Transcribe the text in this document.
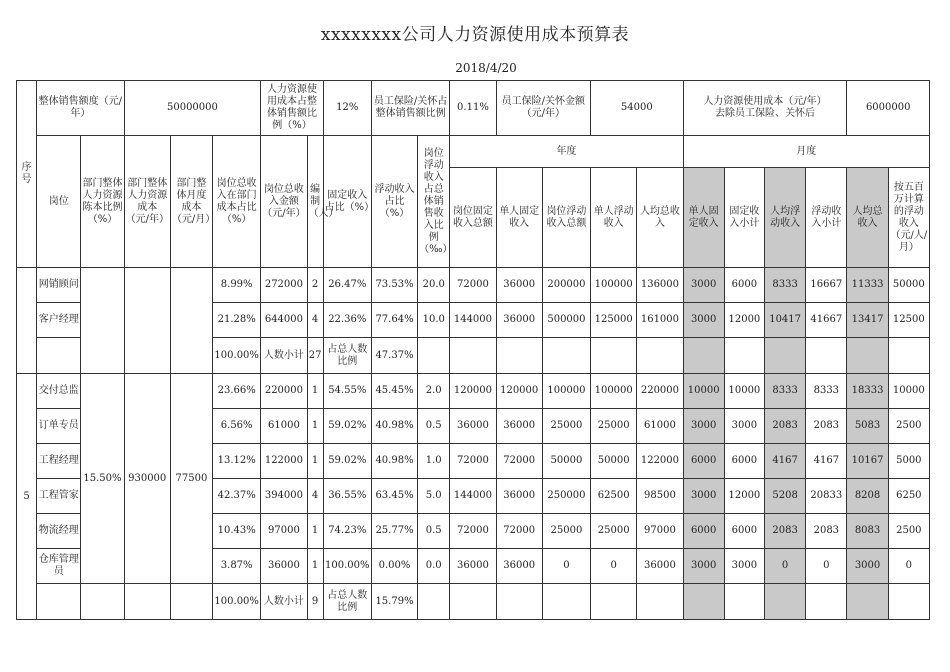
xxxxxxxx公司人力资源使用成本预算表
2018/4/20
序号	整体销售额度（元/年）		50000000			人力资源使用成本占整体销售额比例（%）		12%	员工保险/关怀占整体销售额比例		0.11%	员工保险/关怀金额（元/年）		54000		人力资源使用成本（元/年）
去除员工保险、关怀后				6000000	
	岗位	部门整体人力资源陈本比例（%）	部门整体人力资源成本（元/年）	部门整体月度成本（元/月）	岗位总收入在部门成本占比（%）	岗位总收入金额（元/年）	编制（人）	固定收入占比（%）	浮动收入占比（%）	岗位浮动收入占总体销售收入比例（‰）	年度					月度					
											岗位固定收入总额	单人固定收入	岗位浮动收入总额	单人浮动收入	人均总收入	单人固定收入	固定收入小计	人均浮动收入	浮动收入小计	人均总收入	按五百万计算的浮动收入（元/人/月）
	网销顾问				8.99%	272000	2	26.47%	73.53%	20.0	72000	36000	200000	100000	136000	3000	6000	8333	16667	11333	50000
	客户经理				21.28%	644000	4	22.36%	77.64%	10.0	144000	36000	500000	125000	161000	3000	12000	10417	41667	13417	12500
					100.00%	人数小计	27	占总人数比例	47.37%												
5	交付总监	15.50%	930000	77500	23.66%	220000	1	54.55%	45.45%	2.0	120000	120000	100000	100000	220000	10000	10000	8333	8333	18333	10000
	订单专员				6.56%	61000	1	59.02%	40.98%	0.5	36000	36000	25000	25000	61000	3000	3000	2083	2083	5083	2500
	工程经理				13.12%	122000	1	59.02%	40.98%	1.0	72000	72000	50000	50000	122000	6000	6000	4167	4167	10167	5000
	工程管家				42.37%	394000	4	36.55%	63.45%	5.0	144000	36000	250000	62500	98500	3000	12000	5208	20833	8208	6250
	物流经理				10.43%	97000	1	74.23%	25.77%	0.5	72000	72000	25000	25000	97000	6000	6000	2083	2083	8083	2500
	仓库管理员				3.87%	36000	1	100.00%	0.00%	0.0	36000	36000	0	0	36000	3000	3000	0	0	3000	0
					100.00%	人数小计	9	占总人数比例	15.79%												
